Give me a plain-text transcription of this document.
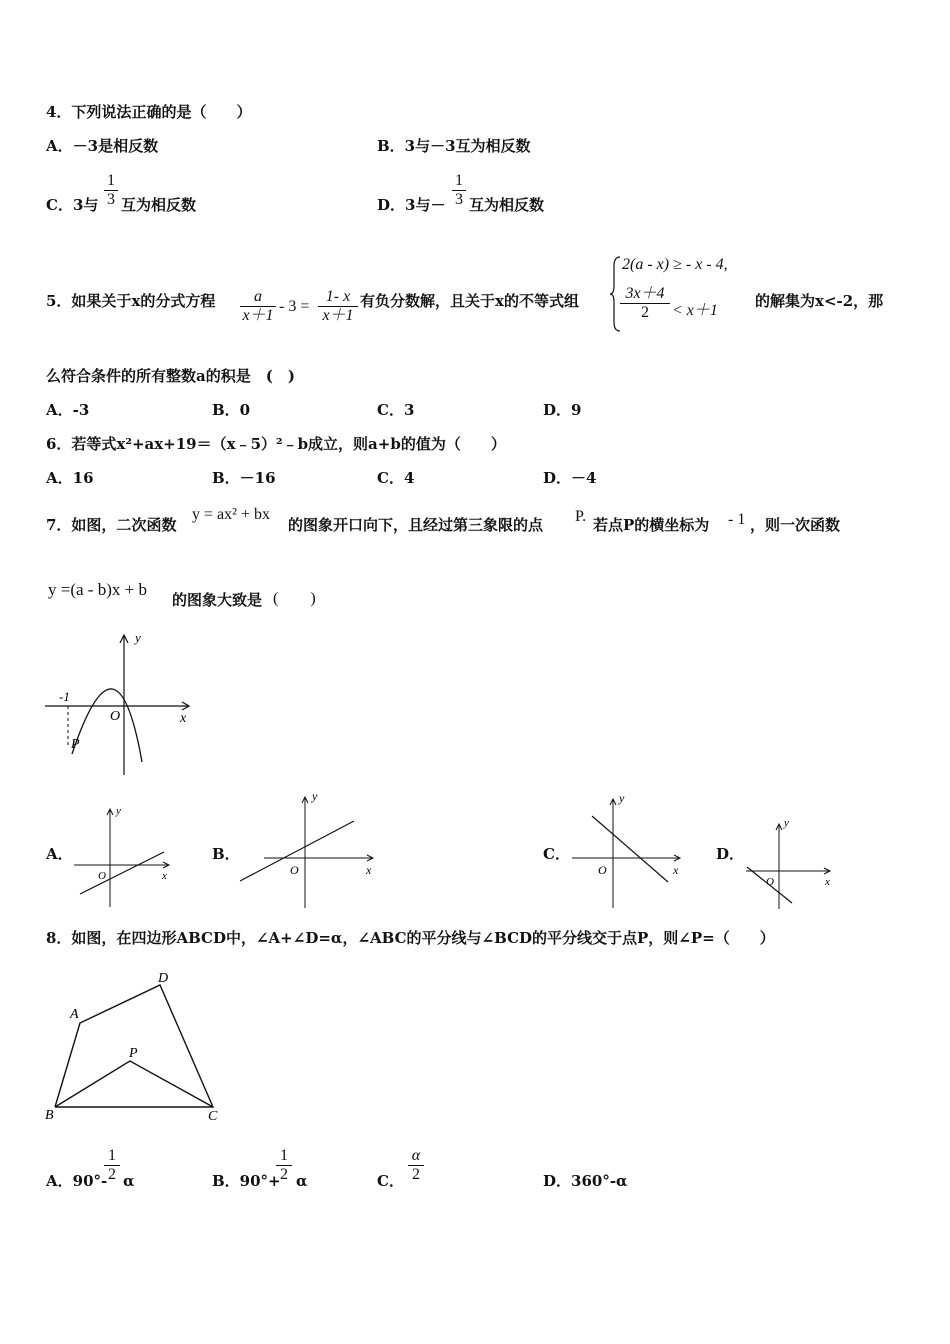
4．下列说法正确的是（　　）
A．－3是相反数	B．3与－3互为相反数
C．3与 $\frac{1}{3}$ 互为相反数	D．3与－ $\frac{1}{3}$ 互为相反数
5．如果关于x的分式方程 $\frac{a}{x+1} - 3 = \frac{1- x}{x+1}$ 有负分数解，且关于x的不等式组
2(a - x) ≥ - x - 4,
$\frac{3x+4}{2} < x+1$
的解集为x<-2，那
么符合条件的所有整数a的积是　(　)
A．-3	B．0	C．3	D．9
6．若等式x²+ax+19＝（x﹣5）²﹣b成立，则a+b的值为（　　）
A．16	B．－16	C．4	D．－4
7．如图，二次函数
y = ax² + bx
的图象开口向下，且经过第三象限的点 P. 若点P的横坐标为 - 1 ，则一次函数
y =(a - b)x + b
的图象大致是 (　　)
y
x
O
-1
P
A．
y
x
O
B．
y
x
O
C．
y
x
O
D．
y
x
O
8．如图，在四边形ABCD中，∠A+∠D=α，∠ABC的平分线与∠BCD的平分线交于点P，则∠P=（　　）
A
B	C
D
P
A．90°-
$\frac{1}{2}$ α	B．90°+
$\frac{1}{2}$ α	C． $\frac{\alpha}{2}$	D．360°-α
